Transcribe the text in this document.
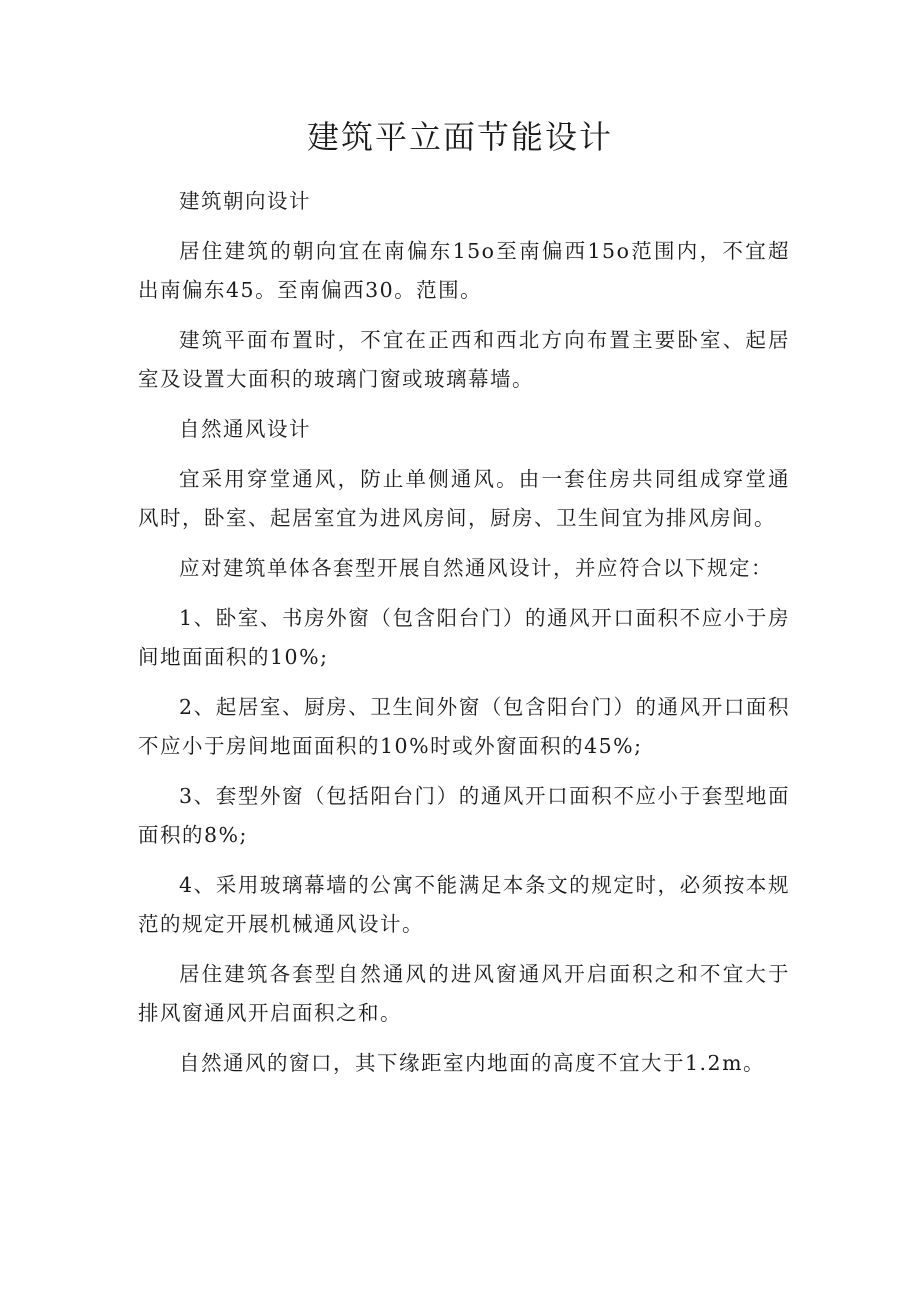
建筑平立面节能设计

建筑朝向设计

居住建筑的朝向宜在南偏东15o至南偏西15o范围内，不宜超出南偏东45。至南偏西30。范围。

建筑平面布置时，不宜在正西和西北方向布置主要卧室、起居室及设置大面积的玻璃门窗或玻璃幕墙。

自然通风设计

宜采用穿堂通风，防止单侧通风。由一套住房共同组成穿堂通风时，卧室、起居室宜为进风房间，厨房、卫生间宜为排风房间。

应对建筑单体各套型开展自然通风设计，并应符合以下规定：

1、卧室、书房外窗（包含阳台门）的通风开口面积不应小于房间地面面积的10%;

2、起居室、厨房、卫生间外窗（包含阳台门）的通风开口面积不应小于房间地面面积的10%时或外窗面积的45%;

3、套型外窗（包括阳台门）的通风开口面积不应小于套型地面面积的8%;

4、采用玻璃幕墙的公寓不能满足本条文的规定时，必须按本规范的规定开展机械通风设计。

居住建筑各套型自然通风的进风窗通风开启面积之和不宜大于排风窗通风开启面积之和。

自然通风的窗口，其下缘距室内地面的高度不宜大于1.2m。
